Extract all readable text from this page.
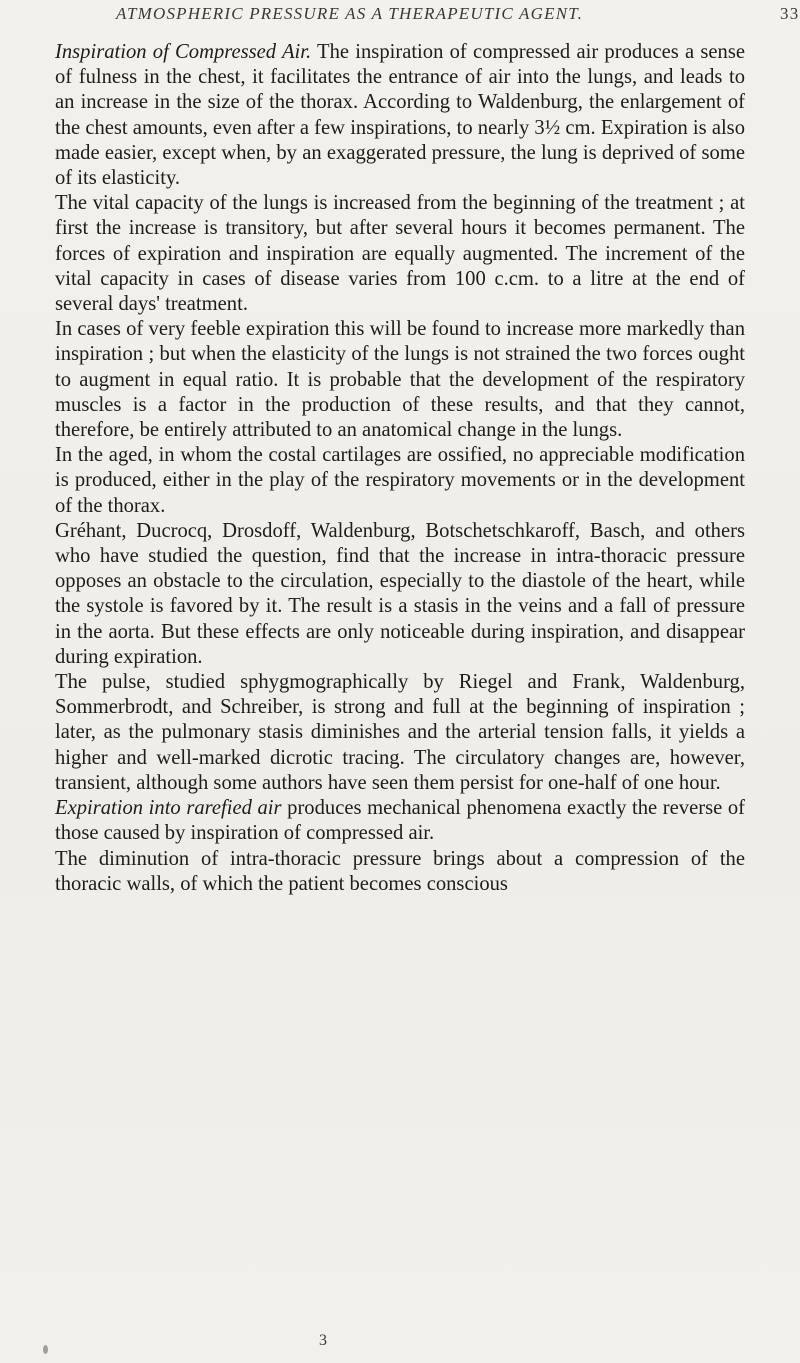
ATMOSPHERIC PRESSURE AS A THERAPEUTIC AGENT.	33

Inspiration of Compressed Air. The inspiration of compressed air produces a sense of fulness in the chest, it facilitates the entrance of air into the lungs, and leads to an increase in the size of the thorax. According to Waldenburg, the enlargement of the chest amounts, even after a few inspirations, to nearly 3½ cm. Expiration is also made easier, except when, by an exaggerated pressure, the lung is deprived of some of its elasticity.

The vital capacity of the lungs is increased from the beginning of the treatment ; at first the increase is transitory, but after several hours it becomes permanent. The forces of expiration and inspiration are equally augmented. The increment of the vital capacity in cases of disease varies from 100 c.cm. to a litre at the end of several days' treatment.

In cases of very feeble expiration this will be found to increase more markedly than inspiration ; but when the elasticity of the lungs is not strained the two forces ought to augment in equal ratio. It is probable that the development of the respiratory muscles is a factor in the production of these results, and that they cannot, therefore, be entirely attributed to an anatomical change in the lungs.

In the aged, in whom the costal cartilages are ossified, no appreciable modification is produced, either in the play of the respiratory movements or in the development of the thorax.

Gréhant, Ducrocq, Drosdoff, Waldenburg, Botschetschkaroff, Basch, and others who have studied the question, find that the increase in intra-thoracic pressure opposes an obstacle to the circulation, especially to the diastole of the heart, while the systole is favored by it. The result is a stasis in the veins and a fall of pressure in the aorta. But these effects are only noticeable during inspiration, and disappear during expiration.

The pulse, studied sphygmographically by Riegel and Frank, Waldenburg, Sommerbrodt, and Schreiber, is strong and full at the beginning of inspiration ; later, as the pulmonary stasis diminishes and the arterial tension falls, it yields a higher and well-marked dicrotic tracing. The circulatory changes are, however, transient, although some authors have seen them persist for one-half of one hour.

Expiration into rarefied air produces mechanical phenomena exactly the reverse of those caused by inspiration of compressed air.

The diminution of intra-thoracic pressure brings about a compression of the thoracic walls, of which the patient becomes conscious

3
